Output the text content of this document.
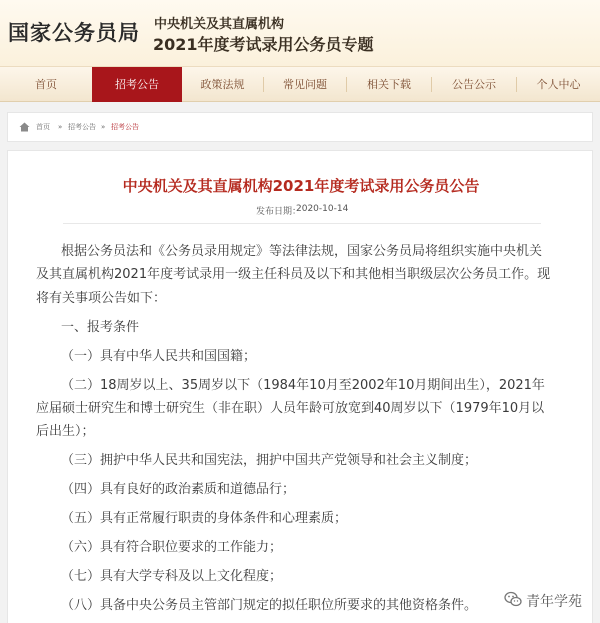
国家公务员局 中央机关及其直属机构
2021年度考试录用公务员专题
首页	招考公告	政策法规	常见问题	相关下载	公告公示	个人中心
首页 » 招考公告 » 招考公告
中央机关及其直属机构2021年度考试录用公务员公告
发布日期：
2020-10-14
根据公务员法和《公务员录用规定》等法律法规，国家公务员局将组织实施中央机关
及其直属机构2021年度考试录用一级主任科员及以下和其他相当职级层次公务员工作。现
将有关事项公告如下：
一、报考条件
（一）具有中华人民共和国国籍；
（二）18周岁以上、35周岁以下（1984年10月至2002年10月期间出生），2021年
应届硕士研究生和博士研究生（非在职）人员年龄可放宽到40周岁以下（1979年10月以
后出生）；
（三）拥护中华人民共和国宪法，拥护中国共产党领导和社会主义制度；
（四）具有良好的政治素质和道德品行；
（五）具有正常履行职责的身体条件和心理素质；
（六）具有符合职位要求的工作能力；
（七）具有大学专科及以上文化程度；
（八）具备中央公务员主管部门规定的拟任职位所要求的其他资格条件。	青年学苑
